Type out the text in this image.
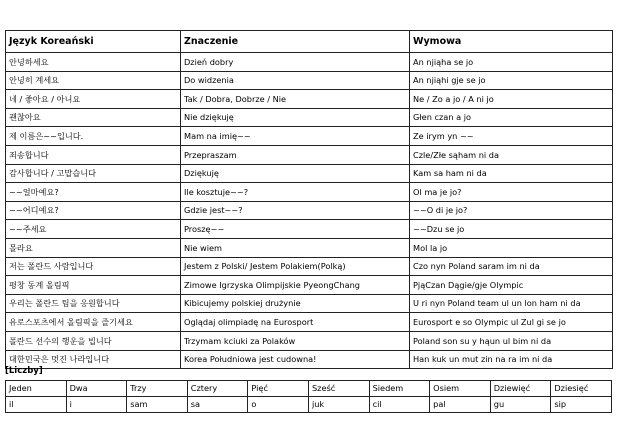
Język Koreański	Znaczenie	Wymowa
안녕하세요	Dzień dobry	An njiąha se jo
안녕히 계세요	Do widzenia	An njiąhi gje se jo
네 / 좋아요 / 아니요	Tak / Dobra, Dobrze / Nie	Ne / Zo a jo / A ni jo
괜찮아요	Nie dziękuję	Głen czan a jo
제 이름은~~입니다.	Mam na imię~~	Ze irym yn ~~
죄송합니다	Przepraszam	Czle/Złe sąham ni da
감사합니다 / 고맙습니다	Dziękuję	Kam sa ham ni da
~~얼마예요?	Ile kosztuje~~?	Ol ma je jo?
~~어디예요?	Gdzie jest~~?	~~O di je jo?
~~주세요	Proszę~~	~~Dzu se jo
몰라요	Nie wiem	Mol la jo
저는 폴란드 사람입니다	Jestem z Polski/ Jestem Polakiem(Polką)	Czo nyn Poland saram im ni da
평창 동계 올림픽	Zimowe Igrzyska Olimpijskie PyeongChang	PjąCzan Dągie/gje Olympic
우리는 폴란드 팀을 응원합니다	Kibicujemy polskiej drużynie	U ri nyn Poland team ul un lon ham ni da
유로스포츠에서 올림픽을 즐기세요	Oglądaj olimpiadę na Eurosport	Eurosport e so Olympic ul Zul gi se jo
폴란드 선수의 행운을 빕니다	Trzymam kciuki za Polaków	Poland son su y hąun ul bim ni da
대한민국은 멋진 나라입니다	Korea Południowa jest cudowna!	Han kuk un mut zin na ra im ni da
[Liczby]
Jeden	Dwa	Trzy	Cztery	Pięć	Sześć	Siedem	Osiem	Dziewięć	Dziesięć
il	i	sam	sa	o	juk	cil	pal	gu	sip
